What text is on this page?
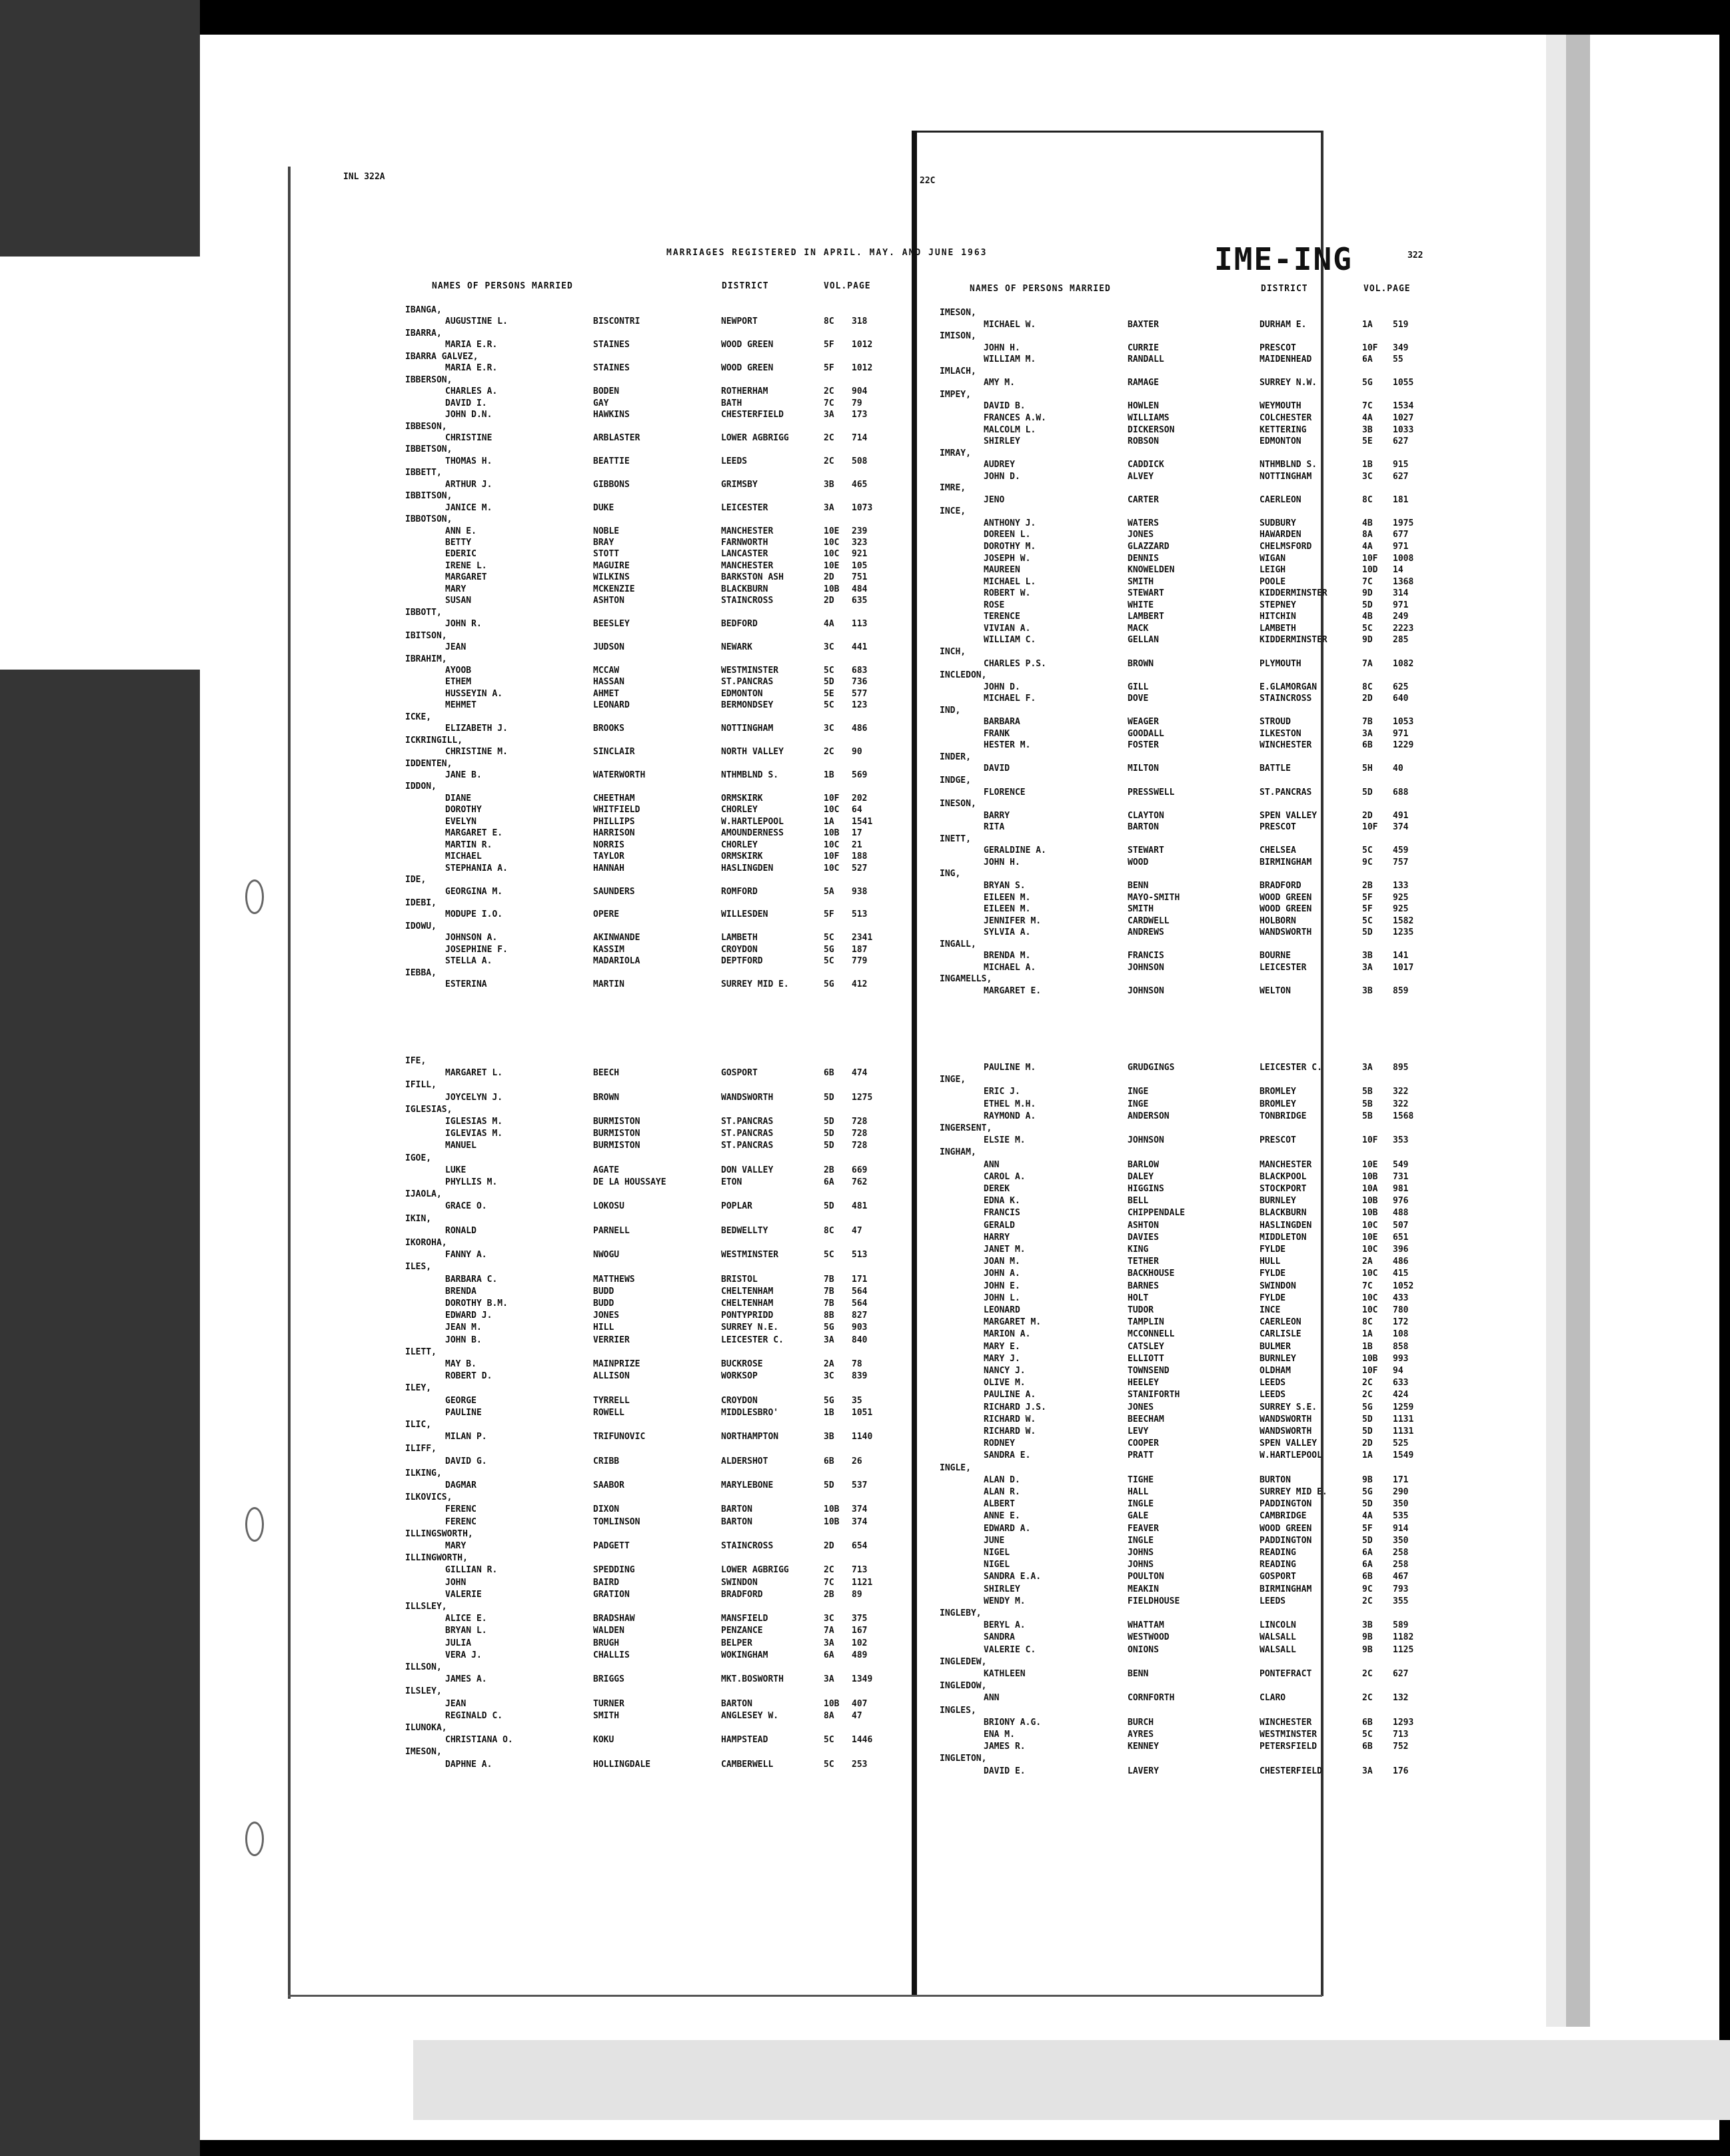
INL 322A	22C
MARRIAGES REGISTERED IN APRIL. MAY. AND JUNE 1963	IME-ING	322
NAMES OF PERSONS MARRIED	DISTRICT	VOL.PAGE	NAMES OF PERSONS MARRIED	DISTRICT	VOL.PAGE
IBANGA,
AUGUSTINE L.	BISCONTRI	NEWPORT	8C 318
IBARRA,
MARIA E.R.	STAINES	WOOD GREEN	5F 1012
IBARRA GALVEZ,
MARIA E.R.	STAINES	WOOD GREEN	5F 1012
IBBERSON,
CHARLES A.	BODEN	ROTHERHAM	2C 904
DAVID I.	GAY	BATH	7C 79
JOHN D.N.	HAWKINS	CHESTERFIELD	3A 173
IBBESON,
CHRISTINE	ARBLASTER	LOWER AGBRIGG	2C 714
IBBETSON,
THOMAS H.	BEATTIE	LEEDS	2C 508
IBBETT,
ARTHUR J.	GIBBONS	GRIMSBY	3B 465
IBBITSON,
JANICE M.	DUKE	LEICESTER	3A 1073
IBBOTSON,
ANN E.	NOBLE	MANCHESTER	10E 239
BETTY	BRAY	FARNWORTH	10C 323
EDERIC	STOTT	LANCASTER	10C 921
IRENE L.	MAGUIRE	MANCHESTER	10E 105
MARGARET	WILKINS	BARKSTON ASH	2D 751
MARY	MCKENZIE	BLACKBURN	10B 484
SUSAN	ASHTON	STAINCROSS	2D 635
IBBOTT,
JOHN R.	BEESLEY	BEDFORD	4A 113
IBITSON,
JEAN	JUDSON	NEWARK	3C 441
IBRAHIM,
AYOOB	MCCAW	WESTMINSTER	5C 683
ETHEM	HASSAN	ST.PANCRAS	5D 736
HUSSEYIN A.	AHMET	EDMONTON	5E 577
MEHMET	LEONARD	BERMONDSEY	5C 123
ICKE,
ELIZABETH J.	BROOKS	NOTTINGHAM	3C 486
ICKRINGILL,
CHRISTINE M.	SINCLAIR	NORTH VALLEY	2C 90
IDDENTEN,
JANE B.	WATERWORTH	NTHMBLND S.	1B 569
IDDON,
DIANE	CHEETHAM	ORMSKIRK	10F 202
DOROTHY	WHITFIELD	CHORLEY	10C 64
EVELYN	PHILLIPS	W.HARTLEPOOL	1A 1541
MARGARET E.	HARRISON	AMOUNDERNESS	10B 17
MARTIN R.	NORRIS	CHORLEY	10C 21
MICHAEL	TAYLOR	ORMSKIRK	10F 188
STEPHANIA A.	HANNAH	HASLINGDEN	10C 527
IDE,
GEORGINA M.	SAUNDERS	ROMFORD	5A 938
IDEBI,
MODUPE I.O.	OPERE	WILLESDEN	5F 513
IDOWU,
JOHNSON A.	AKINWANDE	LAMBETH	5C 2341
JOSEPHINE F.	KASSIM	CROYDON	5G 187
STELLA A.	MADARIOLA	DEPTFORD	5C 779
IEBBA,
ESTERINA	MARTIN	SURREY MID E.	5G 412
IFE,
MARGARET L.	BEECH	GOSPORT	6B 474
IFILL,
JOYCELYN J.	BROWN	WANDSWORTH	5D 1275
IGLESIAS,
IGLESIAS M.	BURMISTON	ST.PANCRAS	5D 728
IGLEVIAS M.	BURMISTON	ST.PANCRAS	5D 728
MANUEL	BURMISTON	ST.PANCRAS	5D 728
IGOE,
LUKE	AGATE	DON VALLEY	2B 669
PHYLLIS M.	DE LA HOUSSAYE	ETON	6A 762
IJAOLA,
GRACE O.	LOKOSU	POPLAR	5D 481
IKIN,
RONALD	PARNELL	BEDWELLTY	8C 47
IKOROHA,
FANNY A.	NWOGU	WESTMINSTER	5C 513
ILES,
BARBARA C.	MATTHEWS	BRISTOL	7B 171
BRENDA	BUDD	CHELTENHAM	7B 564
DOROTHY B.M.	BUDD	CHELTENHAM	7B 564
EDWARD J.	JONES	PONTYPRIDD	8B 827
JEAN M.	HILL	SURREY N.E.	5G 903
JOHN B.	VERRIER	LEICESTER C.	3A 840
ILETT,
MAY B.	MAINPRIZE	BUCKROSE	2A 78
ROBERT D.	ALLISON	WORKSOP	3C 839
ILEY,
GEORGE	TYRRELL	CROYDON	5G 35
PAULINE	ROWELL	MIDDLESBRO'	1B 1051
ILIC,
MILAN P.	TRIFUNOVIC	NORTHAMPTON	3B 1140
ILIFF,
DAVID G.	CRIBB	ALDERSHOT	6B 26
ILKING,
DAGMAR	SAABOR	MARYLEBONE	5D 537
ILKOVICS,
FERENC	DIXON	BARTON	10B 374
FERENC	TOMLINSON	BARTON	10B 374
ILLINGSWORTH,
MARY	PADGETT	STAINCROSS	2D 654
ILLINGWORTH,
GILLIAN R.	SPEDDING	LOWER AGBRIGG	2C 713
JOHN	BAIRD	SWINDON	7C 1121
VALERIE	GRATION	BRADFORD	2B 89
ILLSLEY,
ALICE E.	BRADSHAW	MANSFIELD	3C 375
BRYAN L.	WALDEN	PENZANCE	7A 167
JULIA	BRUGH	BELPER	3A 102
VERA J.	CHALLIS	WOKINGHAM	6A 489
ILLSON,
JAMES A.	BRIGGS	MKT.BOSWORTH	3A 1349
ILSLEY,
JEAN	TURNER	BARTON	10B 407
REGINALD C.	SMITH	ANGLESEY W.	8A 47
ILUNOKA,
CHRISTIANA O.	KOKU	HAMPSTEAD	5C 1446
IMESON,
DAPHNE A.	HOLLINGDALE	CAMBERWELL	5C 253
IMESON,
MICHAEL W.	BAXTER	DURHAM E.	1A 519
IMISON,
JOHN H.	CURRIE	PRESCOT	10F 349
WILLIAM M.	RANDALL	MAIDENHEAD	6A 55
IMLACH,
AMY M.	RAMAGE	SURREY N.W.	5G 1055
IMPEY,
DAVID B.	HOWLEN	WEYMOUTH	7C 1534
FRANCES A.W.	WILLIAMS	COLCHESTER	4A 1027
MALCOLM L.	DICKERSON	KETTERING	3B 1033
SHIRLEY	ROBSON	EDMONTON	5E 627
IMRAY,
AUDREY	CADDICK	NTHMBLND S.	1B 915
JOHN D.	ALVEY	NOTTINGHAM	3C 627
IMRE,
JENO	CARTER	CAERLEON	8C 181
INCE,
ANTHONY J.	WATERS	SUDBURY	4B 1975
DOREEN L.	JONES	HAWARDEN	8A 677
DOROTHY M.	GLAZZARD	CHELMSFORD	4A 971
JOSEPH W.	DENNIS	WIGAN	10F 1008
MAUREEN	KNOWELDEN	LEIGH	10D 14
MICHAEL L.	SMITH	POOLE	7C 1368
ROBERT W.	STEWART	KIDDERMINSTER	9D 314
ROSE	WHITE	STEPNEY	5D 971
TERENCE	LAMBERT	HITCHIN	4B 249
VIVIAN A.	MACK	LAMBETH	5C 2223
WILLIAM C.	GELLAN	KIDDERMINSTER	9D 285
INCH,
CHARLES P.S.	BROWN	PLYMOUTH	7A 1082
INCLEDON,
JOHN D.	GILL	E.GLAMORGAN	8C 625
MICHAEL F.	DOVE	STAINCROSS	2D 640
IND,
BARBARA	WEAGER	STROUD	7B 1053
FRANK	GOODALL	ILKESTON	3A 971
HESTER M.	FOSTER	WINCHESTER	6B 1229
INDER,
DAVID	MILTON	BATTLE	5H 40
INDGE,
FLORENCE	PRESSWELL	ST.PANCRAS	5D 688
INESON,
BARRY	CLAYTON	SPEN VALLEY	2D 491
RITA	BARTON	PRESCOT	10F 374
INETT,
GERALDINE A.	STEWART	CHELSEA	5C 459
JOHN H.	WOOD	BIRMINGHAM	9C 757
ING,
BRYAN S.	BENN	BRADFORD	2B 133
EILEEN M.	MAYO-SMITH	WOOD GREEN	5F 925
EILEEN M.	SMITH	WOOD GREEN	5F 925
JENNIFER M.	CARDWELL	HOLBORN	5C 1582
SYLVIA A.	ANDREWS	WANDSWORTH	5D 1235
INGALL,
BRENDA M.	FRANCIS	BOURNE	3B 141
MICHAEL A.	JOHNSON	LEICESTER	3A 1017
INGAMELLS,
MARGARET E.	JOHNSON	WELTON	3B 859
PAULINE M.	GRUDGINGS	LEICESTER C.	3A 895
INGE,
ERIC J.	INGE	BROMLEY	5B 322
ETHEL M.H.	INGE	BROMLEY	5B 322
RAYMOND A.	ANDERSON	TONBRIDGE	5B 1568
INGERSENT,
ELSIE M.	JOHNSON	PRESCOT	10F 353
INGHAM,
ANN	BARLOW	MANCHESTER	10E 549
CAROL A.	DALEY	BLACKPOOL	10B 731
DEREK	HIGGINS	STOCKPORT	10A 981
EDNA K.	BELL	BURNLEY	10B 976
FRANCIS	CHIPPENDALE	BLACKBURN	10B 488
GERALD	ASHTON	HASLINGDEN	10C 507
HARRY	DAVIES	MIDDLETON	10E 651
JANET M.	KING	FYLDE	10C 396
JOAN M.	TETHER	HULL	2A 486
JOHN A.	BACKHOUSE	FYLDE	10C 415
JOHN E.	BARNES	SWINDON	7C 1052
JOHN L.	HOLT	FYLDE	10C 433
LEONARD	TUDOR	INCE	10C 780
MARGARET M.	TAMPLIN	CAERLEON	8C 172
MARION A.	MCCONNELL	CARLISLE	1A 108
MARY E.	CATSLEY	BULMER	1B 858
MARY J.	ELLIOTT	BURNLEY	10B 993
NANCY J.	TOWNSEND	OLDHAM	10F 94
OLIVE M.	HEELEY	LEEDS	2C 633
PAULINE A.	STANIFORTH	LEEDS	2C 424
RICHARD J.S.	JONES	SURREY S.E.	5G 1259
RICHARD W.	BEECHAM	WANDSWORTH	5D 1131
RICHARD W.	LEVY	WANDSWORTH	5D 1131
RODNEY	COOPER	SPEN VALLEY	2D 525
SANDRA E.	PRATT	W.HARTLEPOOL	1A 1549
INGLE,
ALAN D.	TIGHE	BURTON	9B 171
ALAN R.	HALL	SURREY MID E.	5G 290
ALBERT	INGLE	PADDINGTON	5D 350
ANNE E.	GALE	CAMBRIDGE	4A 535
EDWARD A.	FEAVER	WOOD GREEN	5F 914
JUNE	INGLE	PADDINGTON	5D 350
NIGEL	JOHNS	READING	6A 258
NIGEL	JOHNS	READING	6A 258
SANDRA E.A.	POULTON	GOSPORT	6B 467
SHIRLEY	MEAKIN	BIRMINGHAM	9C 793
WENDY M.	FIELDHOUSE	LEEDS	2C 355
INGLEBY,
BERYL A.	WHATTAM	LINCOLN	3B 589
SANDRA	WESTWOOD	WALSALL	9B 1182
VALERIE C.	ONIONS	WALSALL	9B 1125
INGLEDEW,
KATHLEEN	BENN	PONTEFRACT	2C 627
INGLEDOW,
ANN	CORNFORTH	CLARO	2C 132
INGLES,
BRIONY A.G.	BURCH	WINCHESTER	6B 1293
ENA M.	AYRES	WESTMINSTER	5C 713
JAMES R.	KENNEY	PETERSFIELD	6B 752
INGLETON,
DAVID E.	LAVERY	CHESTERFIELD	3A 176
